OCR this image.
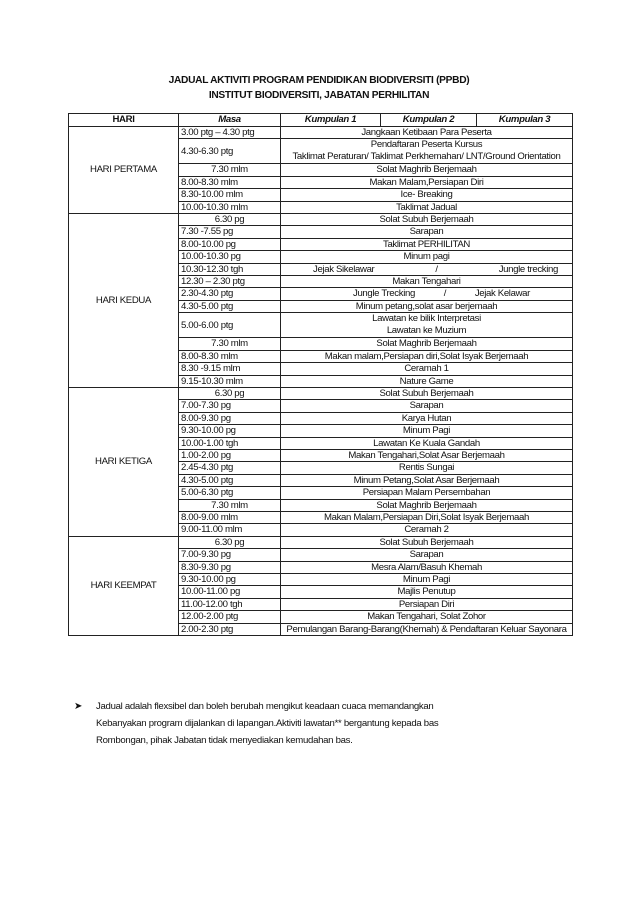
JADUAL AKTIVITI PROGRAM PENDIDIKAN BIODIVERSITI (PPBD)
INSTITUT BIODIVERSITI, JABATAN PERHILITAN
HARI	Masa	Kumpulan 1	Kumpulan 2	Kumpulan 3
HARI PERTAMA	3.00 ptg – 4.30 ptg	Jangkaan Ketibaan Para Peserta		

	4.30-6.30 ptg	Pendaftaran Peserta Kursus
Taklimat Peraturan/ Taklimat Perkhemahan/ LNT/Ground Orientation		

	7.30 mlm	Solat Maghrib Berjemaah		

	8.00-8.30 mlm	Makan Malam,Persiapan Diri		

	8.30-10.00 mlm	Ice- Breaking		

	10.00-10.30 mlm	Taklimat Jadual		

HARI KEDUA	6.30 pg	Solat Subuh Berjemaah		

	7.30 -7.55 pg	Sarapan		

	8.00-10.00 pg	Taklimat PERHILITAN		

	10.00-10.30 pg	Minum pagi		

	10.30-12.30 tgh	Jejak Sikelawar / Jungle trecking		

	12.30 – 2.30 ptg	Makan Tengahari		

	2.30-4.30 ptg	Jungle Trecking / Jejak Kelawar		

	4.30-5.00 ptg	Minum petang,solat asar berjemaah		

	5.00-6.00 ptg	Lawatan ke bilik Interpretasi
Lawatan ke Muzium		

	7.30 mlm	Solat Maghrib Berjemaah		

	8.00-8.30 mlm	Makan malam,Persiapan diri,Solat Isyak Berjemaah		

	8.30 -9.15 mlm	Ceramah 1		

	9.15-10.30 mlm	Nature Game		

HARI KETIGA	6.30 pg	Solat Subuh Berjemaah		

	7.00-7.30 pg	Sarapan		

	8.00-9.30 pg	Karya Hutan		

	9.30-10.00 pg	Minum Pagi		

	10.00-1.00 tgh	Lawatan Ke Kuala Gandah		

	1.00-2.00 pg	Makan Tengahari,Solat Asar Berjemaah		

	2.45-4.30 ptg	Rentis Sungai		

	4.30-5.00 ptg	Minum Petang,Solat Asar Berjemaah		

	5.00-6.30 ptg	Persiapan Malam Persembahan		

	7.30 mlm	Solat Maghrib Berjemaah		

	8.00-9.00 mlm	Makan Malam,Persiapan Diri,Solat Isyak Berjemaah		

	9.00-11.00 mlm	Ceramah 2		

HARI KEEMPAT	6.30 pg	Solat Subuh Berjemaah		

	7.00-9.30 pg	Sarapan		

	8.30-9.30 pg	Mesra Alam/Basuh Khemah		

	9.30-10.00 pg	Minum Pagi		

	10.00-11.00 pg	Majlis Penutup		

	11.00-12.00 tgh	Persiapan Diri		

	12.00-2.00 ptg	Makan Tengahari, Solat Zohor		

	2.00-2.30 ptg	Pemulangan Barang-Barang(Khemah) & Pendaftaran Keluar Sayonara		
➤	Jadual adalah flexsibel dan boleh berubah mengikut keadaan cuaca memandangkan
Kebanyakan program dijalankan di lapangan.Aktiviti lawatan** bergantung kepada bas
Rombongan, pihak Jabatan tidak menyediakan kemudahan bas.
